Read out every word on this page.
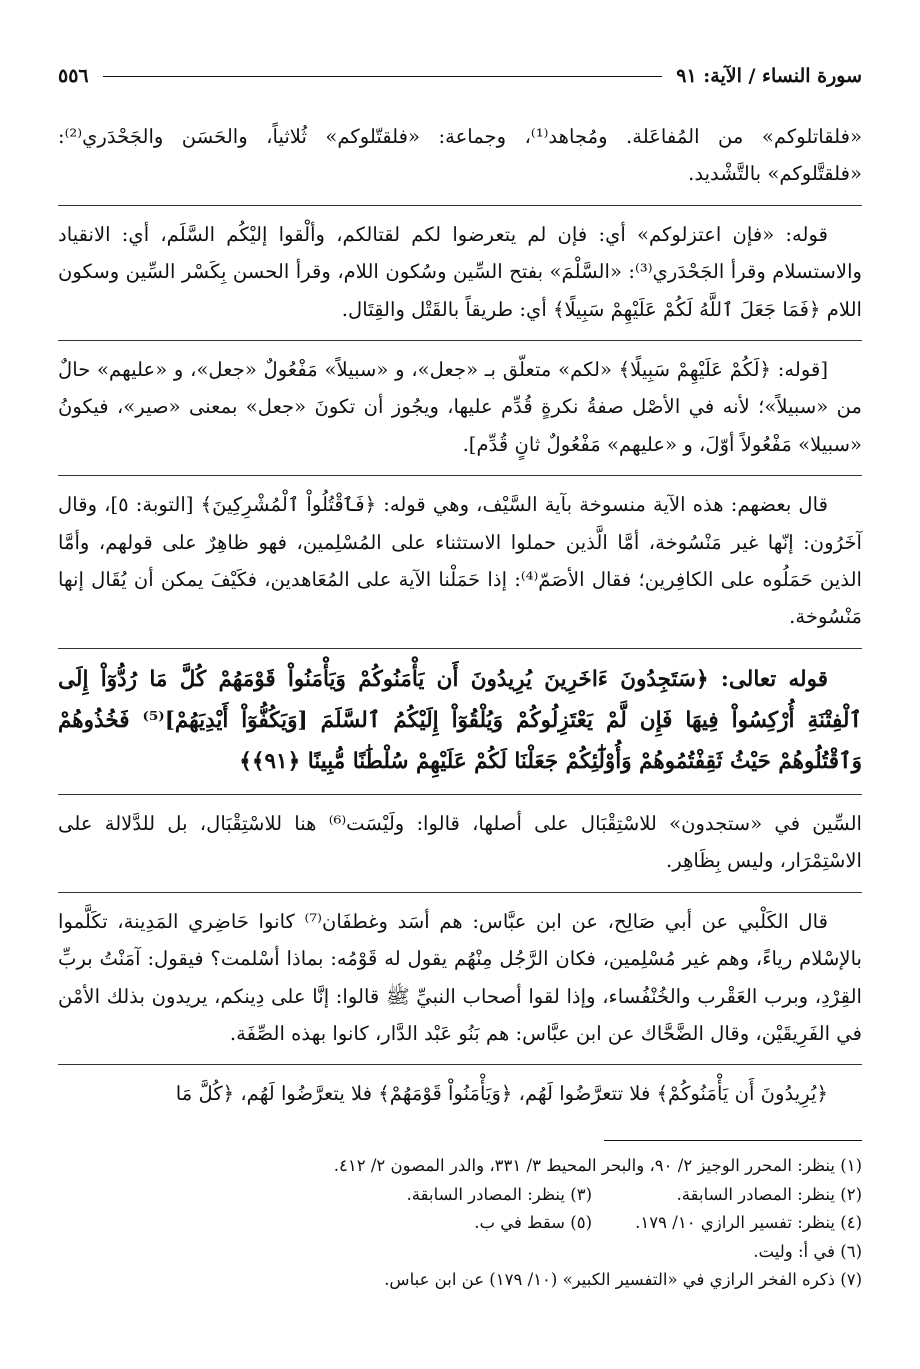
سورة النساء / الآية: ٩١
٥٥٦

«فلقاتلوكم» من المُفاعَلة. ومُجاهد⁽¹⁾، وجماعة: «فلقتّلوكم» ثُلاثياً، والحَسَن والجَحْدَري⁽²⁾: «فلقتَّلوكم» بالتَّشْديد.

قوله: «فإن اعتزلوكم» أي: فإن لم يتعرضوا لكم لقتالكم، وألْقوا إليْكُم السَّلَم، أي: الانقياد والاستسلام وقرأ الجَحْدَري⁽³⁾: «السَّلْمَ» بفتح السِّين وسُكون اللام، وقرأ الحسن بِكَسْر السِّين وسكون اللام ﴿فَمَا جَعَلَ ٱللَّهُ لَكُمْ عَلَيْهِمْ سَبِيلًا﴾ أي: طريقاً بالقَتْل والقِتَال.

[قوله: ﴿لَكُمْ عَلَيْهِمْ سَبِيلًا﴾ «لكم» متعلّق بـ «جعل»، و «سبيلاً» مَفْعُولٌ «جعل»، و «عليهم» حالٌ من «سبيلاً»؛ لأنه في الأصْل صفةُ نكرةٍ قُدِّم عليها، ويجُوز أن تكونَ «جعل» بمعنى «صير»، فيكونُ «سبيلا» مَفْعُولاً أوّلَ، و «عليهم» مَفْعُولٌ ثانٍ قُدِّم].

قال بعضهم: هذه الآية منسوخة بآية السَّيْف، وهي قوله: ﴿فَٱقْتُلُواْ ٱلْمُشْرِكِينَ﴾ [التوبة: ٥]، وقال آخَرُون: إنّها غير مَنْسُوخة، أمَّا الَّذين حملوا الاستثناء على المُسْلِمين، فهو ظاهِرٌ على قولهم، وأمَّا الذين حَمَلُوه على الكافِرين؛ فقال الأصَمّ⁽⁴⁾: إذا حَمَلْنا الآية على المُعَاهدين، فكَيْفَ يمكن أن يُقَال إنها مَنْسُوخة.

قوله تعالى: ﴿سَتَجِدُونَ ءَاخَرِينَ يُرِيدُونَ أَن يَأْمَنُوكُمْ وَيَأْمَنُواْ قَوْمَهُمْ كُلَّ مَا رُدُّوٓاْ إِلَى ٱلْفِتْنَةِ أُرْكِسُواْ فِيهَا فَإِن لَّمْ يَعْتَزِلُوكُمْ وَيُلْقُوٓاْ إِلَيْكُمُ ٱلسَّلَمَ [وَيَكُفُّوٓاْ أَيْدِيَهُمْ]⁽⁵⁾ فَخُذُوهُمْ وَٱقْتُلُوهُمْ حَيْثُ ثَقِفْتُمُوهُمْ وَأُوْلَٰٓئِكُمْ جَعَلْنَا لَكُمْ عَلَيْهِمْ سُلْطَٰنًا مُّبِينًا ﴿٩١﴾﴾

السِّين في «ستجدون» للاسْتِقْبَال على أصلها، قالوا: ولَيْسَت⁽⁶⁾ هنا للاسْتِقْبَال، بل للدَّلالة على الاسْتِمْرَار، وليس بِظَاهِر.

قال الكَلْبي عن أبي صَالِح، عن ابن عبَّاس: هم أسَد وغطفَان⁽⁷⁾ كانوا حَاضِري المَدِينة، تكَلَّموا بالإسْلام رياءً، وهم غير مُسْلِمين، فكان الرَّجُل مِنْهُم يقول له قَوْمُه: بماذا أسْلمت؟ فيقول: آمَنْتُ بربِّ القِرْدِ، وبرب العَقْرب والخُنْفُساء، وإذا لقوا أصحاب النبيِّ ﷺ قالوا: إنَّا على دِينكم، يريدون بذلك الأمْن في الفَرِيقَيْن، وقال الضَّحَّاك عن ابن عبَّاس: هم بَنُو عَبْد الدَّار، كانوا بهذه الصِّفَة.

﴿يُرِيدُونَ أَن يَأْمَنُوكُمْ﴾ فلا تتعرَّضُوا لَهُم، ﴿وَيَأْمَنُواْ قَوْمَهُمْ﴾ فلا يتعرَّضُوا لَهُم، ﴿كُلَّ مَا

(١) ينظر: المحرر الوجيز ٢/ ٩٠، والبحر المحيط ٣/ ٣٣١، والدر المصون ٢/ ٤١٢.
(٢) ينظر: المصادر السابقة.
(٣) ينظر: المصادر السابقة.
(٤) ينظر: تفسير الرازي ١٠/ ١٧٩.
(٥) سقط في ب.
(٦) في أ: وليت.
(٧) ذكره الفخر الرازي في «التفسير الكبير» (١٠/ ١٧٩) عن ابن عباس.
